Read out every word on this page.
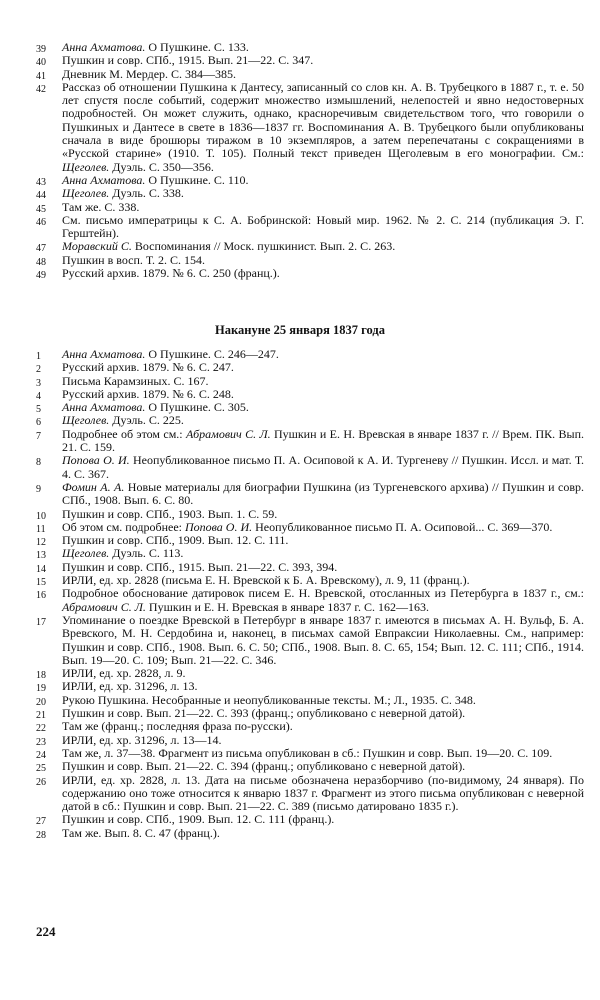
39	Анна Ахматова. О Пушкине. С. 133.
40	Пушкин и совр. СПб., 1915. Вып. 21—22. С. 347.
41	Дневник М. Мердер. С. 384—385.
42	Рассказ об отношении Пушкина к Дантесу, записанный со слов кн. А. В. Трубецкого в 1887 г., т. е. 50 лет спустя после событий, содержит множество измышлений, нелепостей и явно недостоверных подробностей. Он может служить, однако, красноречивым свидетельством того, что говорили о Пушкиных и Дантесе в свете в 1836—1837 гг. Воспоминания А. В. Трубецкого были опубликованы сначала в виде брошюры тиражом в 10 экземпляров, а затем перепечатаны с сокращениями в «Русской старине» (1910. Т. 105). Полный текст приведен Щеголевым в его монографии. См.: Щеголев. Дуэль. С. 350—356.
43	Анна Ахматова. О Пушкине. С. 110.
44	Щеголев. Дуэль. С. 338.
45	Там же. С. 338.
46	См. письмо императрицы к С. А. Бобринской: Новый мир. 1962. № 2. С. 214 (публикация Э. Г. Герштейн).
47	Моравский С. Воспоминания // Моск. пушкинист. Вып. 2. С. 263.
48	Пушкин в восп. Т. 2. С. 154.
49	Русский архив. 1879. № 6. С. 250 (франц.).
Накануне 25 января 1837 года
1	Анна Ахматова. О Пушкине. С. 246—247.
2	Русский архив. 1879. № 6. С. 247.
3	Письма Карамзиных. С. 167.
4	Русский архив. 1879. № 6. С. 248.
5	Анна Ахматова. О Пушкине. С. 305.
6	Щеголев. Дуэль. С. 225.
7	Подробнее об этом см.: Абрамович С. Л. Пушкин и Е. Н. Вревская в январе 1837 г. // Врем. ПК. Вып. 21. С. 159.
8	Попова О. И. Неопубликованное письмо П. А. Осиповой к А. И. Тургеневу // Пушкин. Иссл. и мат. Т. 4. С. 367.
9	Фомин А. А. Новые материалы для биографии Пушкина (из Тургеневского архива) // Пушкин и совр. СПб., 1908. Вып. 6. С. 80.
10	Пушкин и совр. СПб., 1903. Вып. 1. С. 59.
11	Об этом см. подробнее: Попова О. И. Неопубликованное письмо П. А. Осиповой... С. 369—370.
12	Пушкин и совр. СПб., 1909. Вып. 12. С. 111.
13	Щеголев. Дуэль. С. 113.
14	Пушкин и совр. СПб., 1915. Вып. 21—22. С. 393, 394.
15	ИРЛИ, ед. хр. 2828 (письма Е. Н. Вревской к Б. А. Вревскому), л. 9, 11 (франц.).
16	Подробное обоснование датировок писем Е. Н. Вревской, отосланных из Петербурга в 1837 г., см.: Абрамович С. Л. Пушкин и Е. Н. Вревская в январе 1837 г. С. 162—163.
17	Упоминание о поездке Вревской в Петербург в январе 1837 г. имеются в письмах А. Н. Вульф, Б. А. Вревского, М. Н. Сердобина и, наконец, в письмах самой Евпраксии Николаевны. См., например: Пушкин и совр. СПб., 1908. Вып. 6. С. 50; СПб., 1908. Вып. 8. С. 65, 154; Вып. 12. С. 111; СПб., 1914. Вып. 19—20. С. 109; Вып. 21—22. С. 346.
18	ИРЛИ, ед. хр. 2828, л. 9.
19	ИРЛИ, ед. хр. 31296, л. 13.
20	Рукою Пушкина. Несобранные и неопубликованные тексты. М.; Л., 1935. С. 348.
21	Пушкин и совр. Вып. 21—22. С. 393 (франц.; опубликовано с неверной датой).
22	Там же (франц.; последняя фраза по-русски).
23	ИРЛИ, ед. хр. 31296, л. 13—14.
24	Там же, л. 37—38. Фрагмент из письма опубликован в сб.: Пушкин и совр. Вып. 19—20. С. 109.
25	Пушкин и совр. Вып. 21—22. С. 394 (франц.; опубликовано с неверной датой).
26	ИРЛИ, ед. хр. 2828, л. 13. Дата на письме обозначена неразборчиво (по-видимому, 24 января). По содержанию оно тоже относится к январю 1837 г. Фрагмент из этого письма опубликован с неверной датой в сб.: Пушкин и совр. Вып. 21—22. С. 389 (письмо датировано 1835 г.).
27	Пушкин и совр. СПб., 1909. Вып. 12. С. 111 (франц.).
28	Там же. Вып. 8. С. 47 (франц.).
224
